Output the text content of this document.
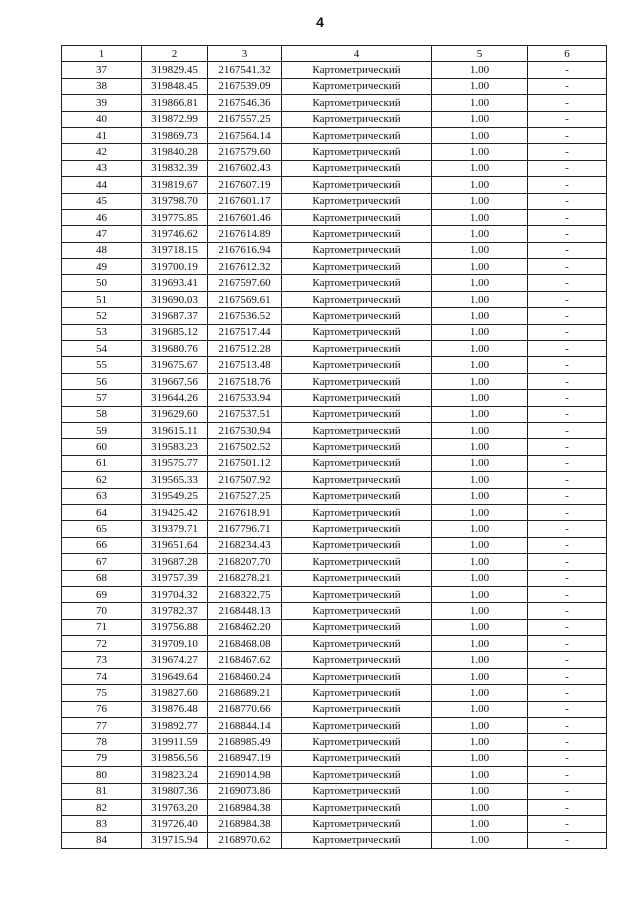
4
1	2	3	4	5	6
37	319829.45	2167541.32	Картометрический	1.00	-
38	319848.45	2167539.09	Картометрический	1.00	-
39	319866.81	2167546.36	Картометрический	1.00	-
40	319872.99	2167557.25	Картометрический	1.00	-
41	319869.73	2167564.14	Картометрический	1.00	-
42	319840.28	2167579.60	Картометрический	1.00	-
43	319832.39	2167602.43	Картометрический	1.00	-
44	319819.67	2167607.19	Картометрический	1.00	-
45	319798.70	2167601.17	Картометрический	1.00	-
46	319775.85	2167601.46	Картометрический	1.00	-
47	319746.62	2167614.89	Картометрический	1.00	-
48	319718.15	2167616.94	Картометрический	1.00	-
49	319700.19	2167612.32	Картометрический	1.00	-
50	319693.41	2167597.60	Картометрический	1.00	-
51	319690.03	2167569.61	Картометрический	1.00	-
52	319687.37	2167536.52	Картометрический	1.00	-
53	319685.12	2167517.44	Картометрический	1.00	-
54	319680.76	2167512.28	Картометрический	1.00	-
55	319675.67	2167513.48	Картометрический	1.00	-
56	319667.56	2167518.76	Картометрический	1.00	-
57	319644.26	2167533.94	Картометрический	1.00	-
58	319629.60	2167537.51	Картометрический	1.00	-
59	319615.11	2167530.94	Картометрический	1.00	-
60	319583.23	2167502.52	Картометрический	1.00	-
61	319575.77	2167501.12	Картометрический	1.00	-
62	319565.33	2167507.92	Картометрический	1.00	-
63	319549.25	2167527.25	Картометрический	1.00	-
64	319425.42	2167618.91	Картометрический	1.00	-
65	319379.71	2167796.71	Картометрический	1.00	-
66	319651.64	2168234.43	Картометрический	1.00	-
67	319687.28	2168207.70	Картометрический	1.00	-
68	319757.39	2168278.21	Картометрический	1.00	-
69	319704.32	2168322.75	Картометрический	1.00	-
70	319782.37	2168448.13	Картометрический	1.00	-
71	319756.88	2168462.20	Картометрический	1.00	-
72	319709.10	2168468.08	Картометрический	1.00	-
73	319674.27	2168467.62	Картометрический	1.00	-
74	319649.64	2168460.24	Картометрический	1.00	-
75	319827.60	2168689.21	Картометрический	1.00	-
76	319876.48	2168770.66	Картометрический	1.00	-
77	319892.77	2168844.14	Картометрический	1.00	-
78	319911.59	2168985.49	Картометрический	1.00	-
79	319856.56	2168947.19	Картометрический	1.00	-
80	319823.24	2169014.98	Картометрический	1.00	-
81	319807.36	2169073.86	Картометрический	1.00	-
82	319763.20	2168984.38	Картометрический	1.00	-
83	319726.40	2168984.38	Картометрический	1.00	-
84	319715.94	2168970.62	Картометрический	1.00	-
